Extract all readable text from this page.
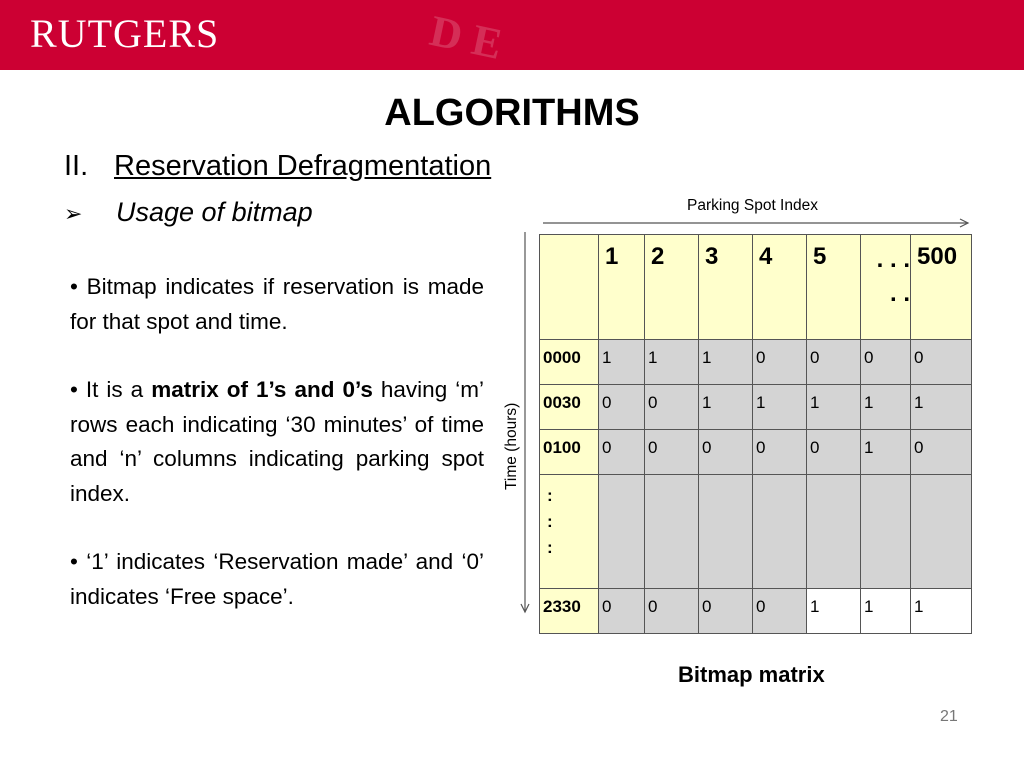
RUTGERS	D E
ALGORITHMS
II. Reservation Defragmentation
➢ Usage of bitmap

• Bitmap indicates if reservation is made for that spot and time.

• It is a matrix of 1’s and 0’s having ‘m’ rows each indicating ‘30 minutes’ of time and ‘n’ columns indicating parking spot index.

• ‘1’ indicates ‘Reservation made’ and ‘0’ indicates ‘Free space’.

Parking Spot Index
Time (hours)
	1	2	3	4	5	. . . . .	500
0000	1	1	1	0	0	0	0
0030	0	0	1	1	1	1	1
0100	0	0	0	0	0	1	0

:
:
:							

2330	0	0	0	0	1	1	1
Bitmap matrix
21
